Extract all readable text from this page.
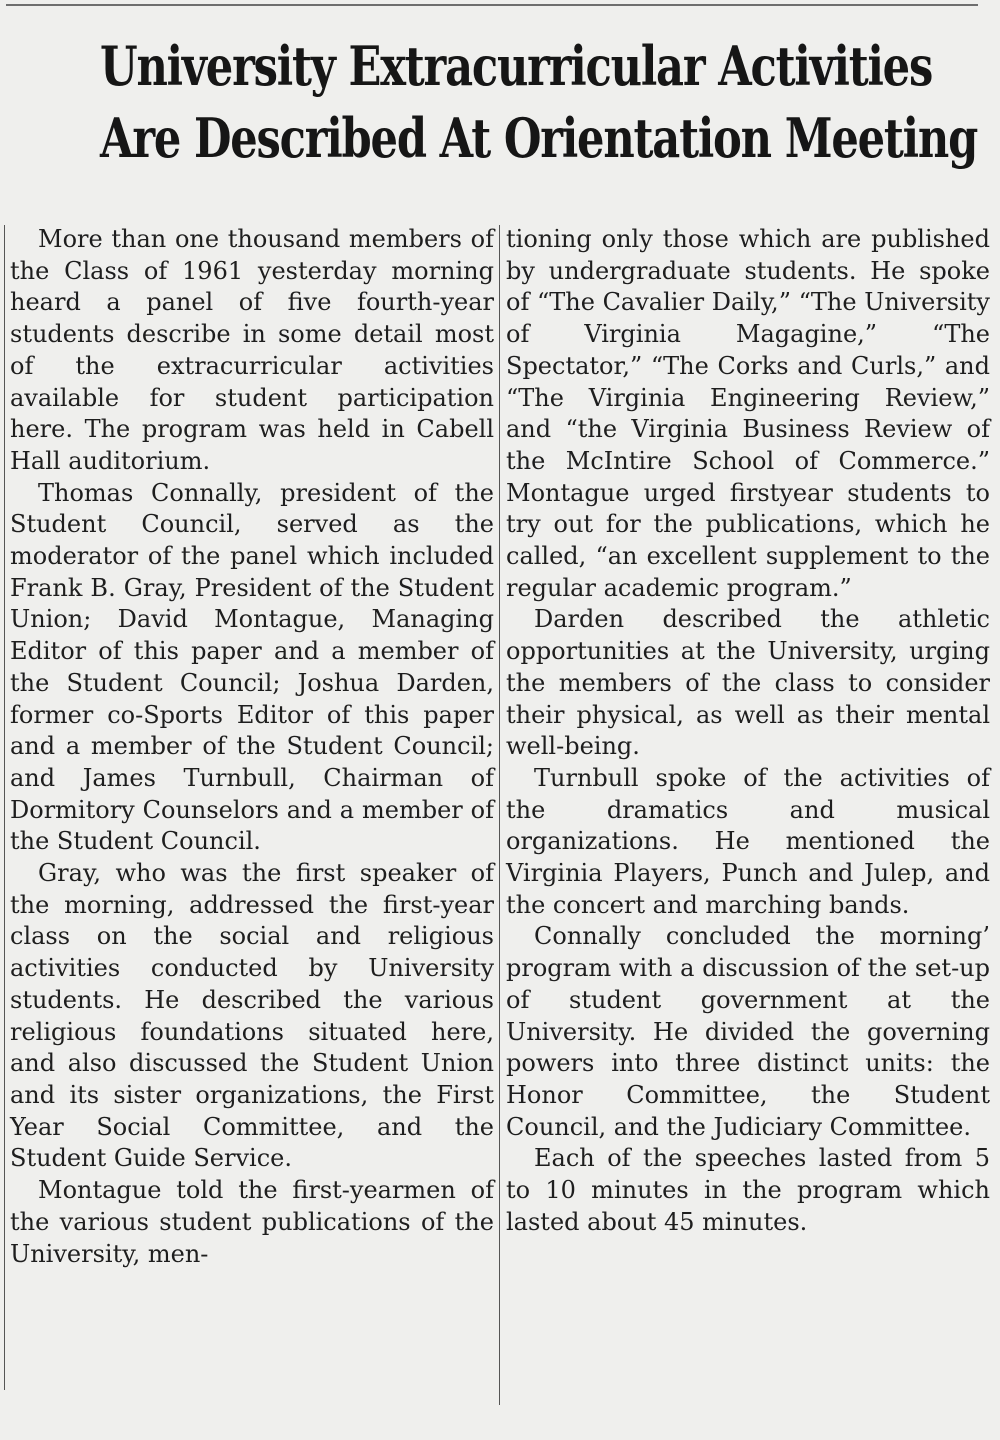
University Extracurricular Activities
Are Described At Orientation Meeting

More than one thousand members of the Class of 1961 yesterday morning heard a panel of five fourth-year students describe in some detail most of the extracurricular activities available for student participation here. The program was held in Cabell Hall auditorium.

Thomas Connally, president of the Student Council, served as the moderator of the panel which included Frank B. Gray, President of the Student Union; David Montague, Managing Editor of this paper and a member of the Student Council; Joshua Darden, former co-Sports Editor of this paper and a member of the Student Council; and James Turnbull, Chairman of Dormitory Counselors and a member of the Student Council.

Gray, who was the first speaker of the morning, addressed the first-year class on the social and religious activities conducted by University students. He described the various religious foundations situated here, and also discussed the Student Union and its sister organizations, the First Year Social Committee, and the Student Guide Service.

Montague told the first-yearmen of the various student publications of the University, men-

tioning only those which are published by undergraduate students. He spoke of “The Cavalier Daily,” “The University of Virginia Magagine,” “The Spectator,” “The Corks and Curls,” and “The Virginia Engineering Review,” and “the Virginia Business Review of the McIntire School of Commerce.” Montague urged firstyear students to try out for the publications, which he called, “an excellent supplement to the regular academic program.”

Darden described the athletic opportunities at the University, urging the members of the class to consider their physical, as well as their mental well-being.

Turnbull spoke of the activities of the dramatics and musical organizations. He mentioned the Virginia Players, Punch and Julep, and the concert and marching bands.

Connally concluded the morning’ program with a discussion of the set-up of student government at the University. He divided the governing powers into three distinct units: the Honor Committee, the Student Council, and the Judiciary Committee.

Each of the speeches lasted from 5 to 10 minutes in the program which lasted about 45 minutes.
